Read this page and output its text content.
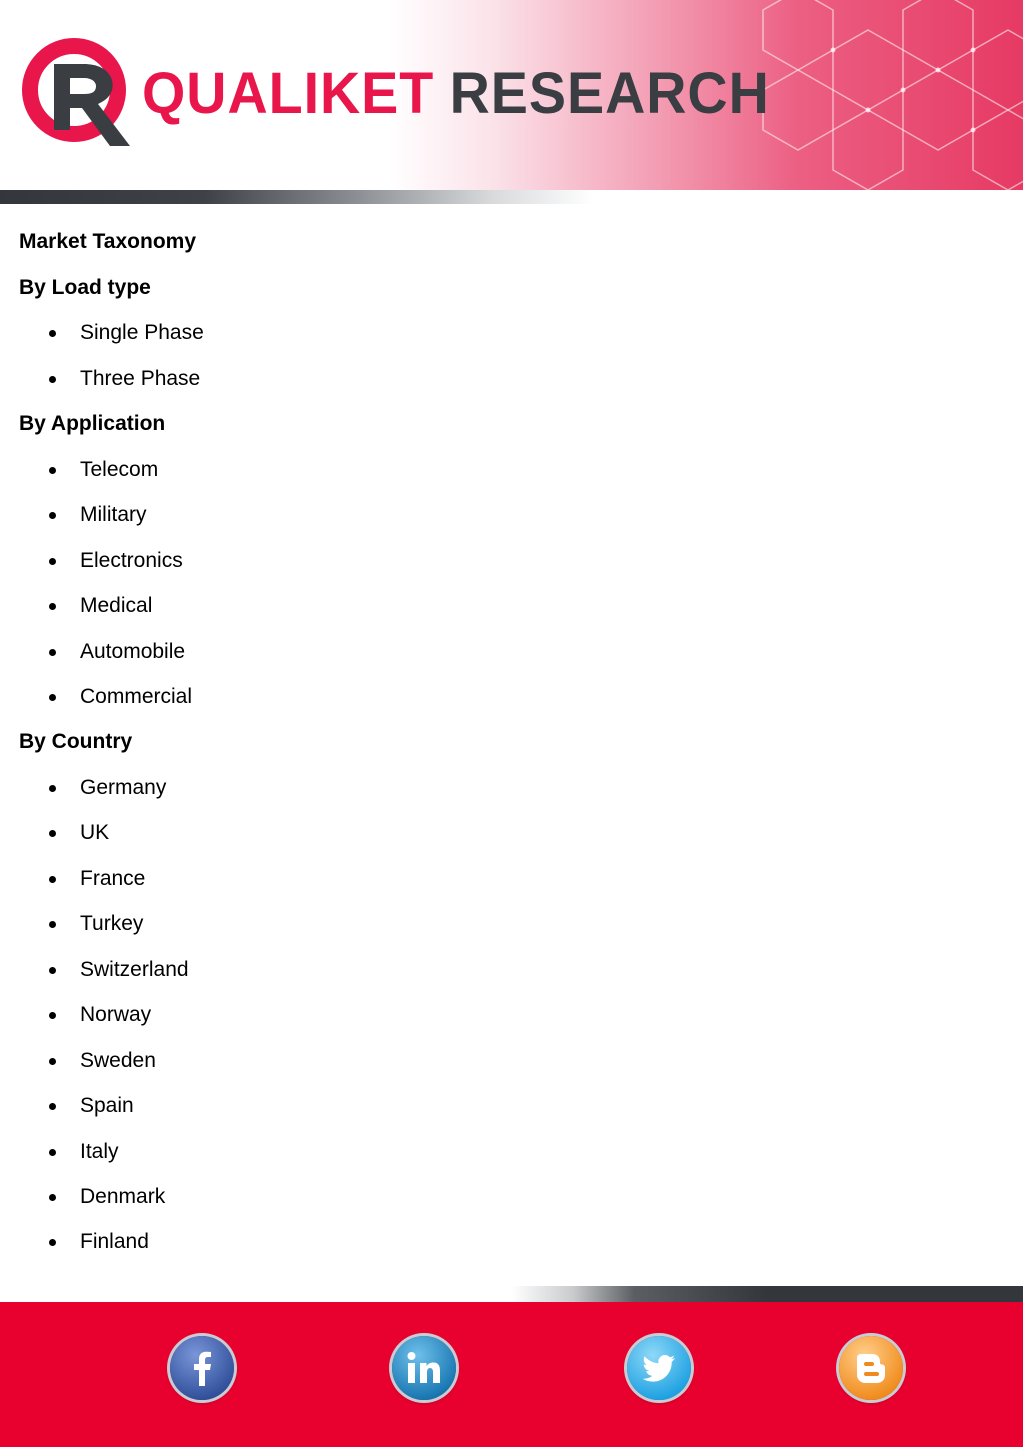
QUALIKET RESEARCH
Market Taxonomy
By Load type
Single Phase
Three Phase
By Application
Telecom
Military
Electronics
Medical
Automobile
Commercial
By Country
Germany
UK
France
Turkey
Switzerland
Norway
Sweden
Spain
Italy
Denmark
Finland
